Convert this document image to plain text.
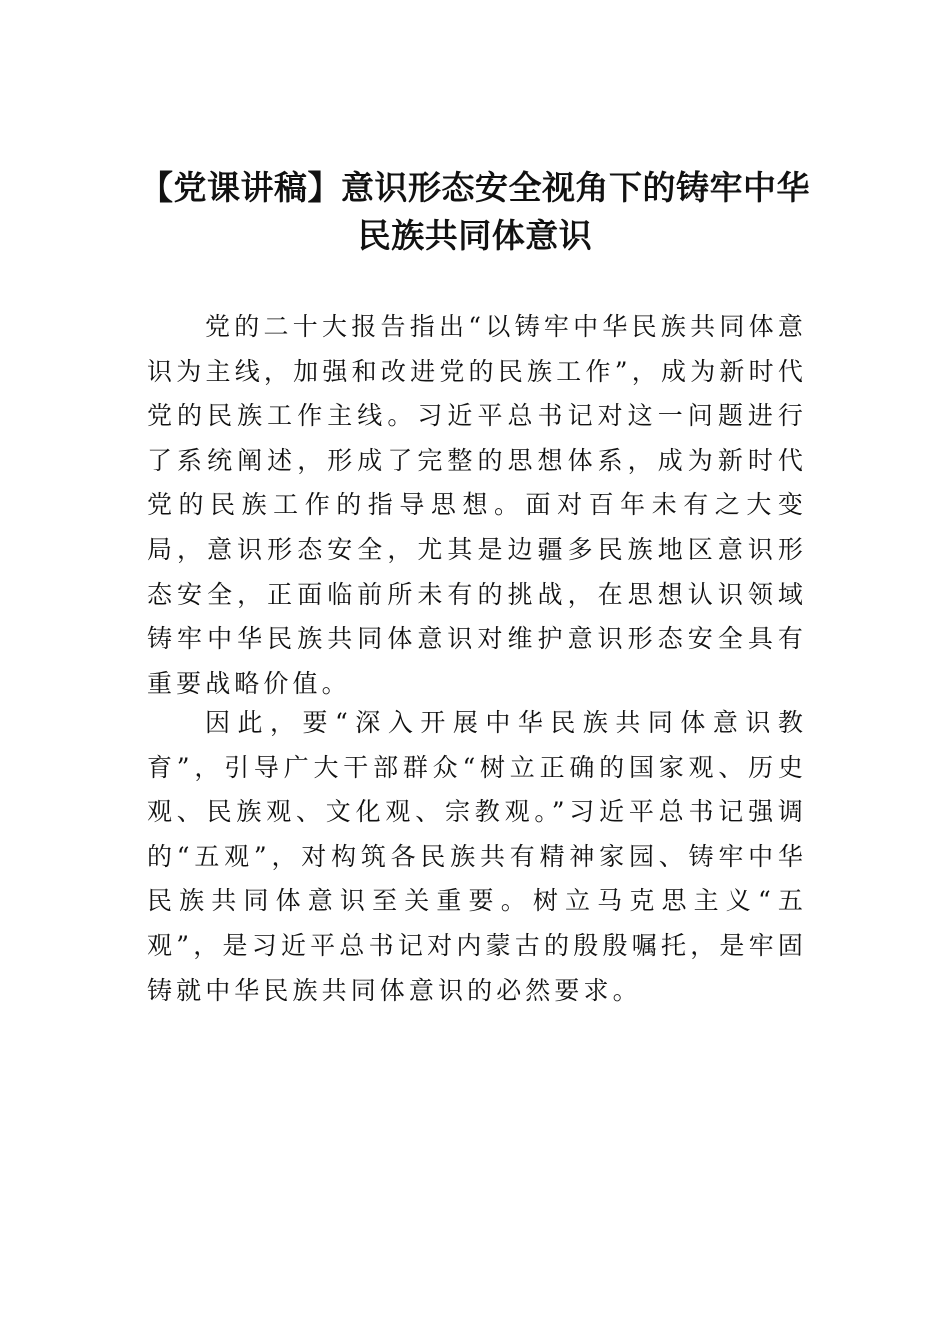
【党课讲稿】意识形态安全视角下的铸牢中华民族共同体意识

党的二十大报告指出“以铸牢中华民族共同体意识为主线，加强和改进党的民族工作”，成为新时代党的民族工作主线。习近平总书记对这一问题进行了系统阐述，形成了完整的思想体系，成为新时代党的民族工作的指导思想。面对百年未有之大变局，意识形态安全，尤其是边疆多民族地区意识形态安全，正面临前所未有的挑战，在思想认识领域铸牢中华民族共同体意识对维护意识形态安全具有重要战略价值。

因此，要“深入开展中华民族共同体意识教育”，引导广大干部群众“树立正确的国家观、历史观、民族观、文化观、宗教观。”习近平总书记强调的“五观”，对构筑各民族共有精神家园、铸牢中华民族共同体意识至关重要。树立马克思主义“五观”，是习近平总书记对内蒙古的殷殷嘱托，是牢固铸就中华民族共同体意识的必然要求。
